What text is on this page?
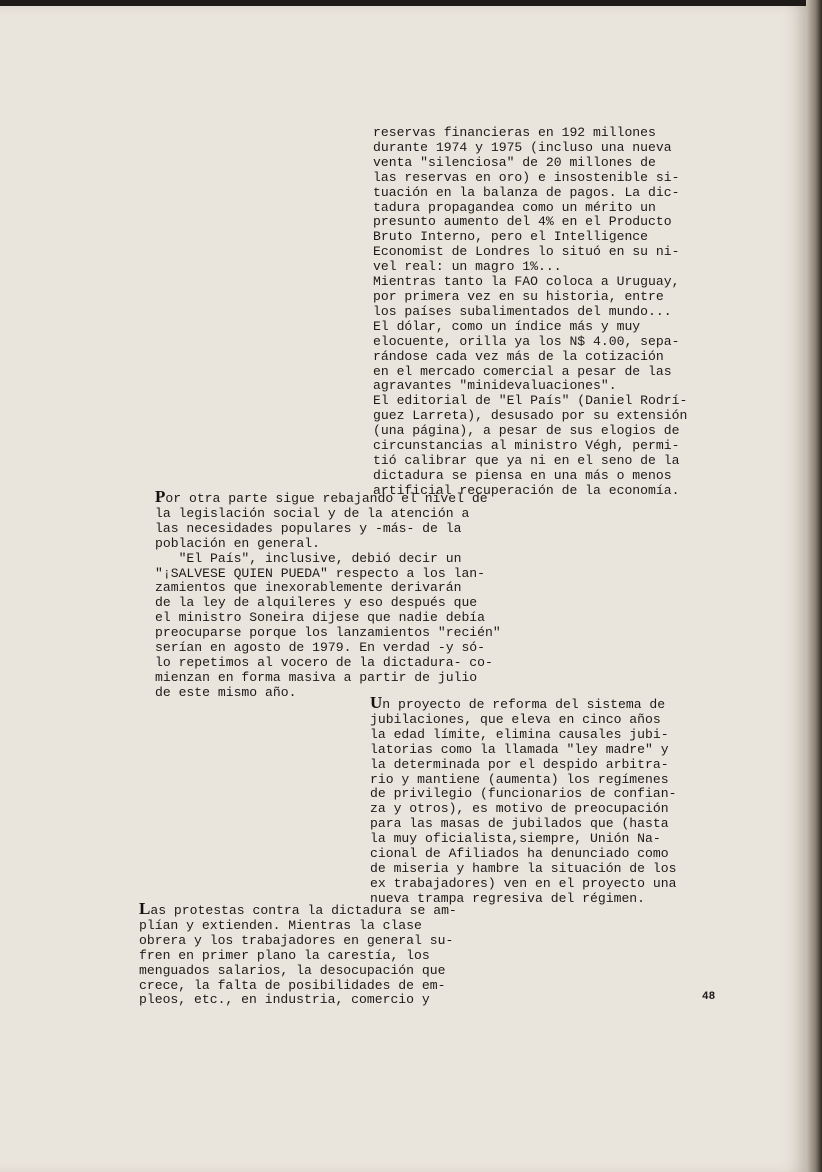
reservas financieras en 192 millones
durante 1974 y 1975 (incluso una nueva
venta "silenciosa" de 20 millones de
las reservas en oro) e insostenible si-
tuación en la balanza de pagos. La dic-
tadura propagandea como un mérito un
presunto aumento del 4% en el Producto
Bruto Interno, pero el Intelligence
Economist de Londres lo situó en su ni-
vel real: un magro 1%...
Mientras tanto la FAO coloca a Uruguay,
por primera vez en su historia, entre
los países subalimentados del mundo...
El dólar, como un índice más y muy
elocuente, orilla ya los N$ 4.00, sepa-
rándose cada vez más de la cotización
en el mercado comercial a pesar de las
agravantes "minidevaluaciones".
El editorial de "El País" (Daniel Rodrí-
guez Larreta), desusado por su extensión
(una página), a pesar de sus elogios de
circunstancias al ministro Végh, permi-
tió calibrar que ya ni en el seno de la
dictadura se piensa en una más o menos
artificial recuperación de la economía.
Por otra parte sigue rebajando el nivel de
la legislación social y de la atención a
las necesidades populares y -más- de la
población en general.
"El País", inclusive, debió decir un
"¡SALVESE QUIEN PUEDA" respecto a los lan-
zamientos que inexorablemente derivarán
de la ley de alquileres y eso después que
el ministro Soneira dijese que nadie debía
preocuparse porque los lanzamientos "recién"
serían en agosto de 1979. En verdad -y só-
lo repetimos al vocero de la dictadura- co-
mienzan en forma masiva a partir de julio
de este mismo año.
Un proyecto de reforma del sistema de
jubilaciones, que eleva en cinco años
la edad límite, elimina causales jubi-
latorias como la llamada "ley madre" y
la determinada por el despido arbitra-
rio y mantiene (aumenta) los regímenes
de privilegio (funcionarios de confian-
za y otros), es motivo de preocupación
para las masas de jubilados que (hasta
la muy oficialista,siempre, Unión Na-
cional de Afiliados ha denunciado como
de miseria y hambre la situación de los
ex trabajadores) ven en el proyecto una
nueva trampa regresiva del régimen.
Las protestas contra la dictadura se am-
plían y extienden. Mientras la clase
obrera y los trabajadores en general su-
fren en primer plano la carestía, los
menguados salarios, la desocupación que
crece, la falta de posibilidades de em-
pleos, etc., en industria, comercio y	48
